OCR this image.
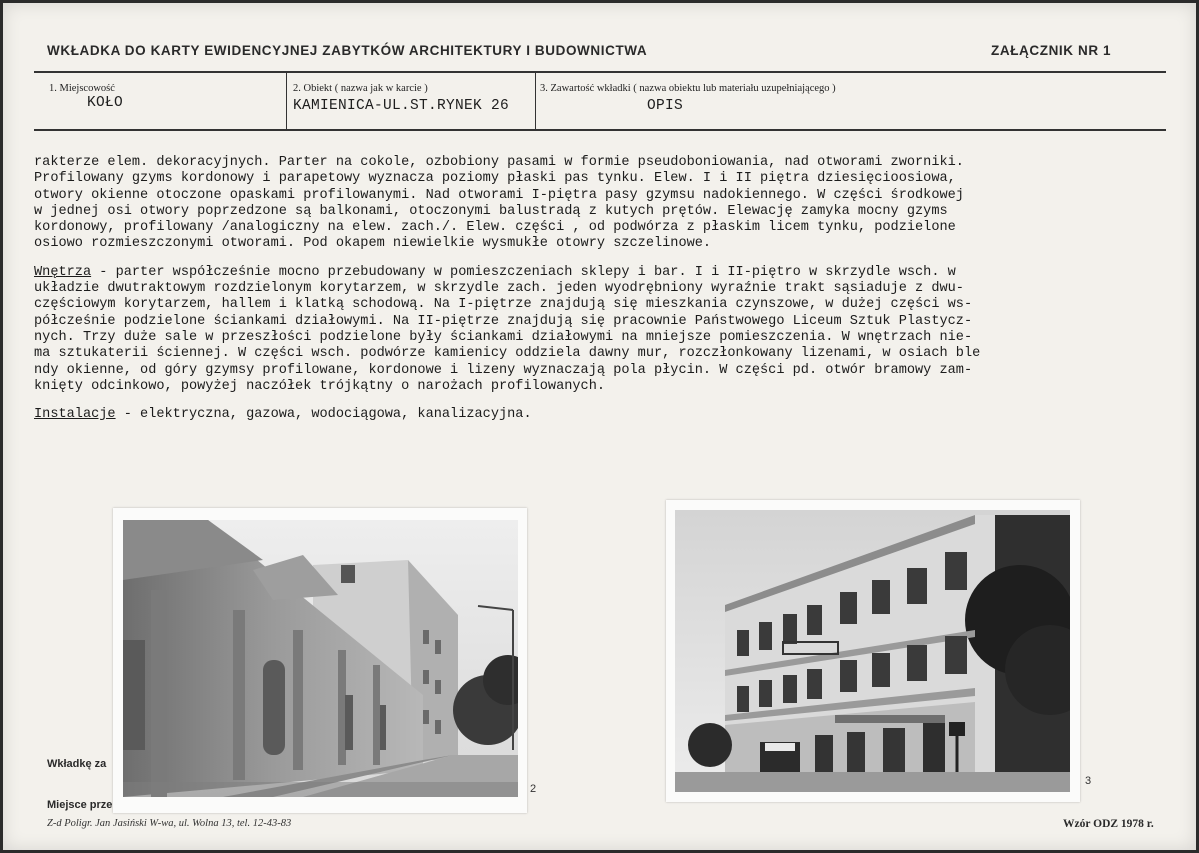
WKŁADKA DO KARTY EWIDENCYJNEJ ZABYTKÓW ARCHITEKTURY I BUDOWNICTWA	ZAŁĄCZNIK NR 1
1. Miejscowość
KOŁO
2. Obiekt ( nazwa jak w karcie )
KAMIENICA-UL.ST.RYNEK 26
3. Zawartość wkładki ( nazwa obiektu lub materiału uzupełniającego )
OPIS

rakterze elem. dekoracyjnych. Parter na cokole, ozbobiony pasami w formie pseudoboniowania, nad otworami zworniki.

Profilowany gzyms kordonowy i parapetowy wyznacza poziomy płaski pas tynku. Elew. I i II piętra dziesięcioosiowa,

otwory okienne otoczone opaskami profilowanymi. Nad otworami I-piętra pasy gzymsu nadokiennego. W części środkowej

w jednej osi otwory poprzedzone są balkonami, otoczonymi balustradą z kutych prętów. Elewację zamyka mocny gzyms

kordonowy, profilowany /analogiczny na elew. zach./. Elew. części , od podwórza z płaskim licem tynku, podzielone

osiowo rozmieszczonymi otworami. Pod okapem niewielkie wysmukłe otowry szczelinowe.

Wnętrza - parter współcześnie mocno przebudowany w pomieszczeniach sklepy i bar. I i II-piętro w skrzydle wsch. w

układzie dwutraktowym rozdzielonym korytarzem, w skrzydle zach. jeden wyodrębniony wyraźnie trakt sąsiaduje z dwu-

częściowym korytarzem, hallem i klatką schodową. Na I-piętrze znajdują się mieszkania czynszowe, w dużej części ws-

półcześnie podzielone ściankami działowymi. Na II-piętrze znajdują się pracownie Państwowego Liceum Sztuk Plastycz-

nych. Trzy duże sale w przeszłości podzielone były ściankami działowymi na mniejsze pomieszczenia. W wnętrzach nie-

ma sztukaterii ściennej. W części wsch. podwórze kamienicy oddziela dawny mur, rozczłonkowany lizenami, w osiach ble

ndy okienne, od góry gzymsy profilowane, kordonowe i lizeny wyznaczają pola płycin. W części pd. otwór bramowy zam-

knięty odcinkowo, powyżej naczółek trójkątny o narożach profilowanych.

Instalacje - elektryczna, gazowa, wodociągowa, kanalizacyjna.

Wkładkę za
Miejsce prze
2
3
Z-d Poligr. Jan Jasiński W-wa, ul. Wolna 13, tel. 12-43-83	Wzór ODZ 1978 r.
